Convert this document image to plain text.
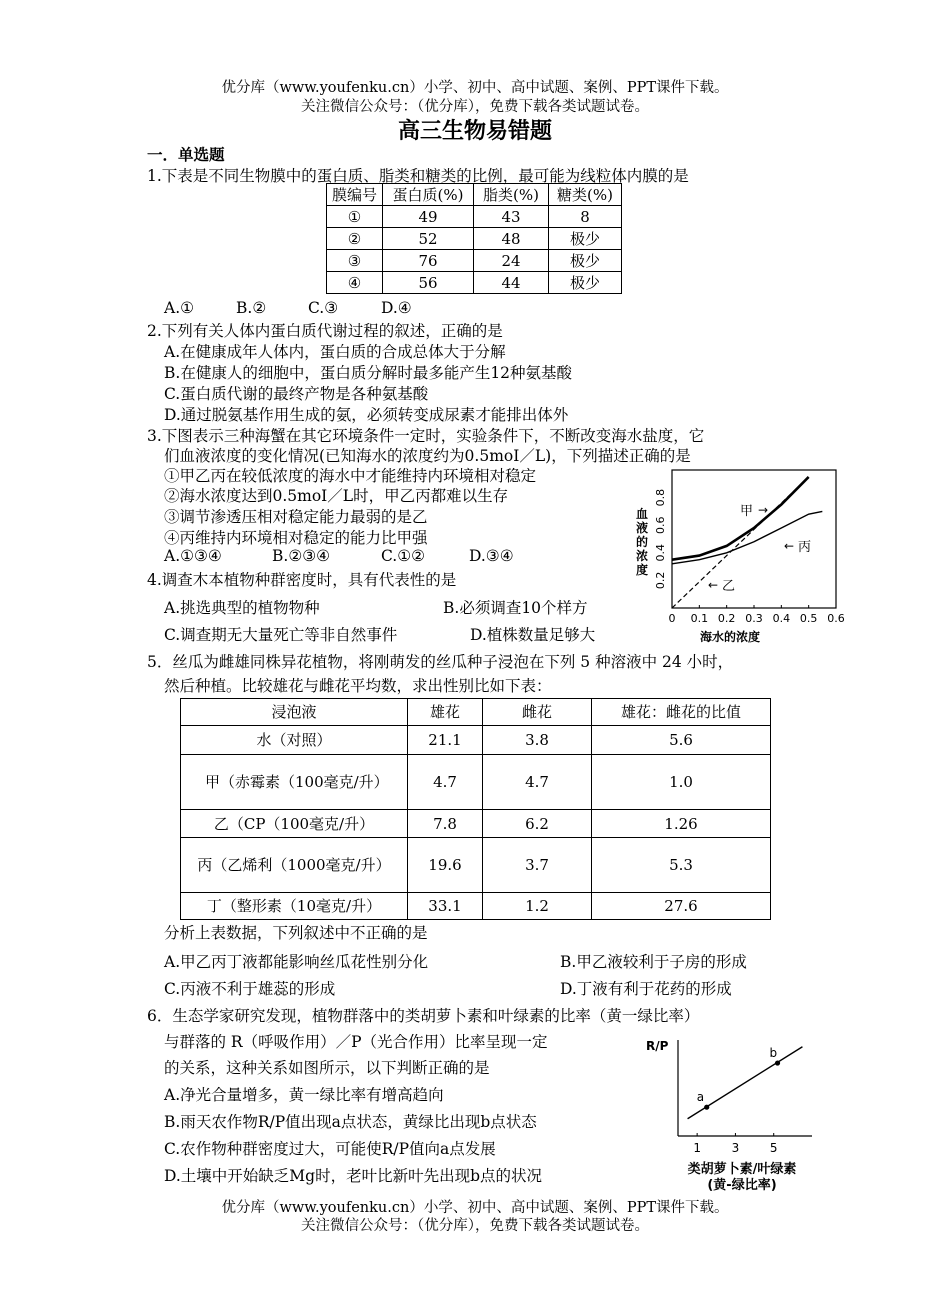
优分库（www.youfenku.cn）小学、初中、高中试题、案例、PPT课件下载。
关注微信公众号：（优分库），免费下载各类试题试卷。
高三生物易错题
一．单选题
1.下表是不同生物膜中的蛋白质、脂类和糖类的比例，最可能为线粒体内膜的是
膜编号	蛋白质(%)	脂类(%)	糖类(%)
①	49	43	8
②	52	48	极少
③	76	24	极少
④	56	44	极少
A.①	B.②	C.③	D.④
2.下列有关人体内蛋白质代谢过程的叙述，正确的是
A.在健康成年人体内，蛋白质的合成总体大于分解
B.在健康人的细胞中，蛋白质分解时最多能产生12种氨基酸
C.蛋白质代谢的最终产物是各种氨基酸
D.通过脱氨基作用生成的氨，必须转变成尿素才能排出体外
3.下图表示三种海蟹在其它环境条件一定时，实验条件下，不断改变海水盐度，它
们血液浓度的变化情况(已知海水的浓度约为0.5moI／L)，下列描述正确的是
①甲乙丙在较低浓度的海水中才能维持内环境相对稳定
②海水浓度达到0.5moI／L时，甲乙丙都难以生存
③调节渗透压相对稳定能力最弱的是乙
④丙维持内环境相对稳定的能力比甲强
A.①③④	B.②③④	C.①②	D.③④
血
液
的
浓
度
0.2
0.4
0.6
0.8
0 0.1 0.2 0.3 0.4 0.5 0.6
海水的浓度
甲 →
← 丙
← 乙
4.调查木本植物种群密度时，具有代表性的是
A.挑选典型的植物物种	B.必须调查10个样方
C.调查期无大量死亡等非自然事件	D.植株数量足够大
5．丝瓜为雌雄同株异花植物，将刚萌发的丝瓜种子浸泡在下列 5 种溶液中 24 小时，
然后种植。比较雄花与雌花平均数，求出性别比如下表：
浸泡液	雄花	雌花	雄花：雌花的比值
水（对照）	21.1	3.8	5.6

甲（赤霉素（100毫克/升）	4.7	4.7	1.0
乙（CP（100毫克/升）	7.8	6.2	1.26

丙（乙烯利（1000毫克/升）	19.6	3.7	5.3
丁（整形素（10毫克/升）	33.1	1.2	27.6
分析上表数据，下列叙述中不正确的是
A.甲乙丙丁液都能影响丝瓜花性别分化	B.甲乙液较利于子房的形成
C.丙液不利于雄蕊的形成	D.丁液有利于花药的形成
6．生态学家研究发现，植物群落中的类胡萝卜素和叶绿素的比率（黄一绿比率）
与群落的 R（呼吸作用）／P（光合作用）比率呈现一定
的关系，这种关系如图所示，以下判断正确的是
A.净光合量增多，黄一绿比率有增高趋向
B.雨天农作物R/P值出现a点状态，黄绿比出现b点状态
C.农作物种群密度过大，可能使R/P值向a点发展
D.土壤中开始缺乏Mg时，老叶比新叶先出现b点的状况
R/P
1	3	5
a
b
类胡萝卜素/叶绿素
(黄-绿比率)
优分库（www.youfenku.cn）小学、初中、高中试题、案例、PPT课件下载。
关注微信公众号：（优分库），免费下载各类试题试卷。
